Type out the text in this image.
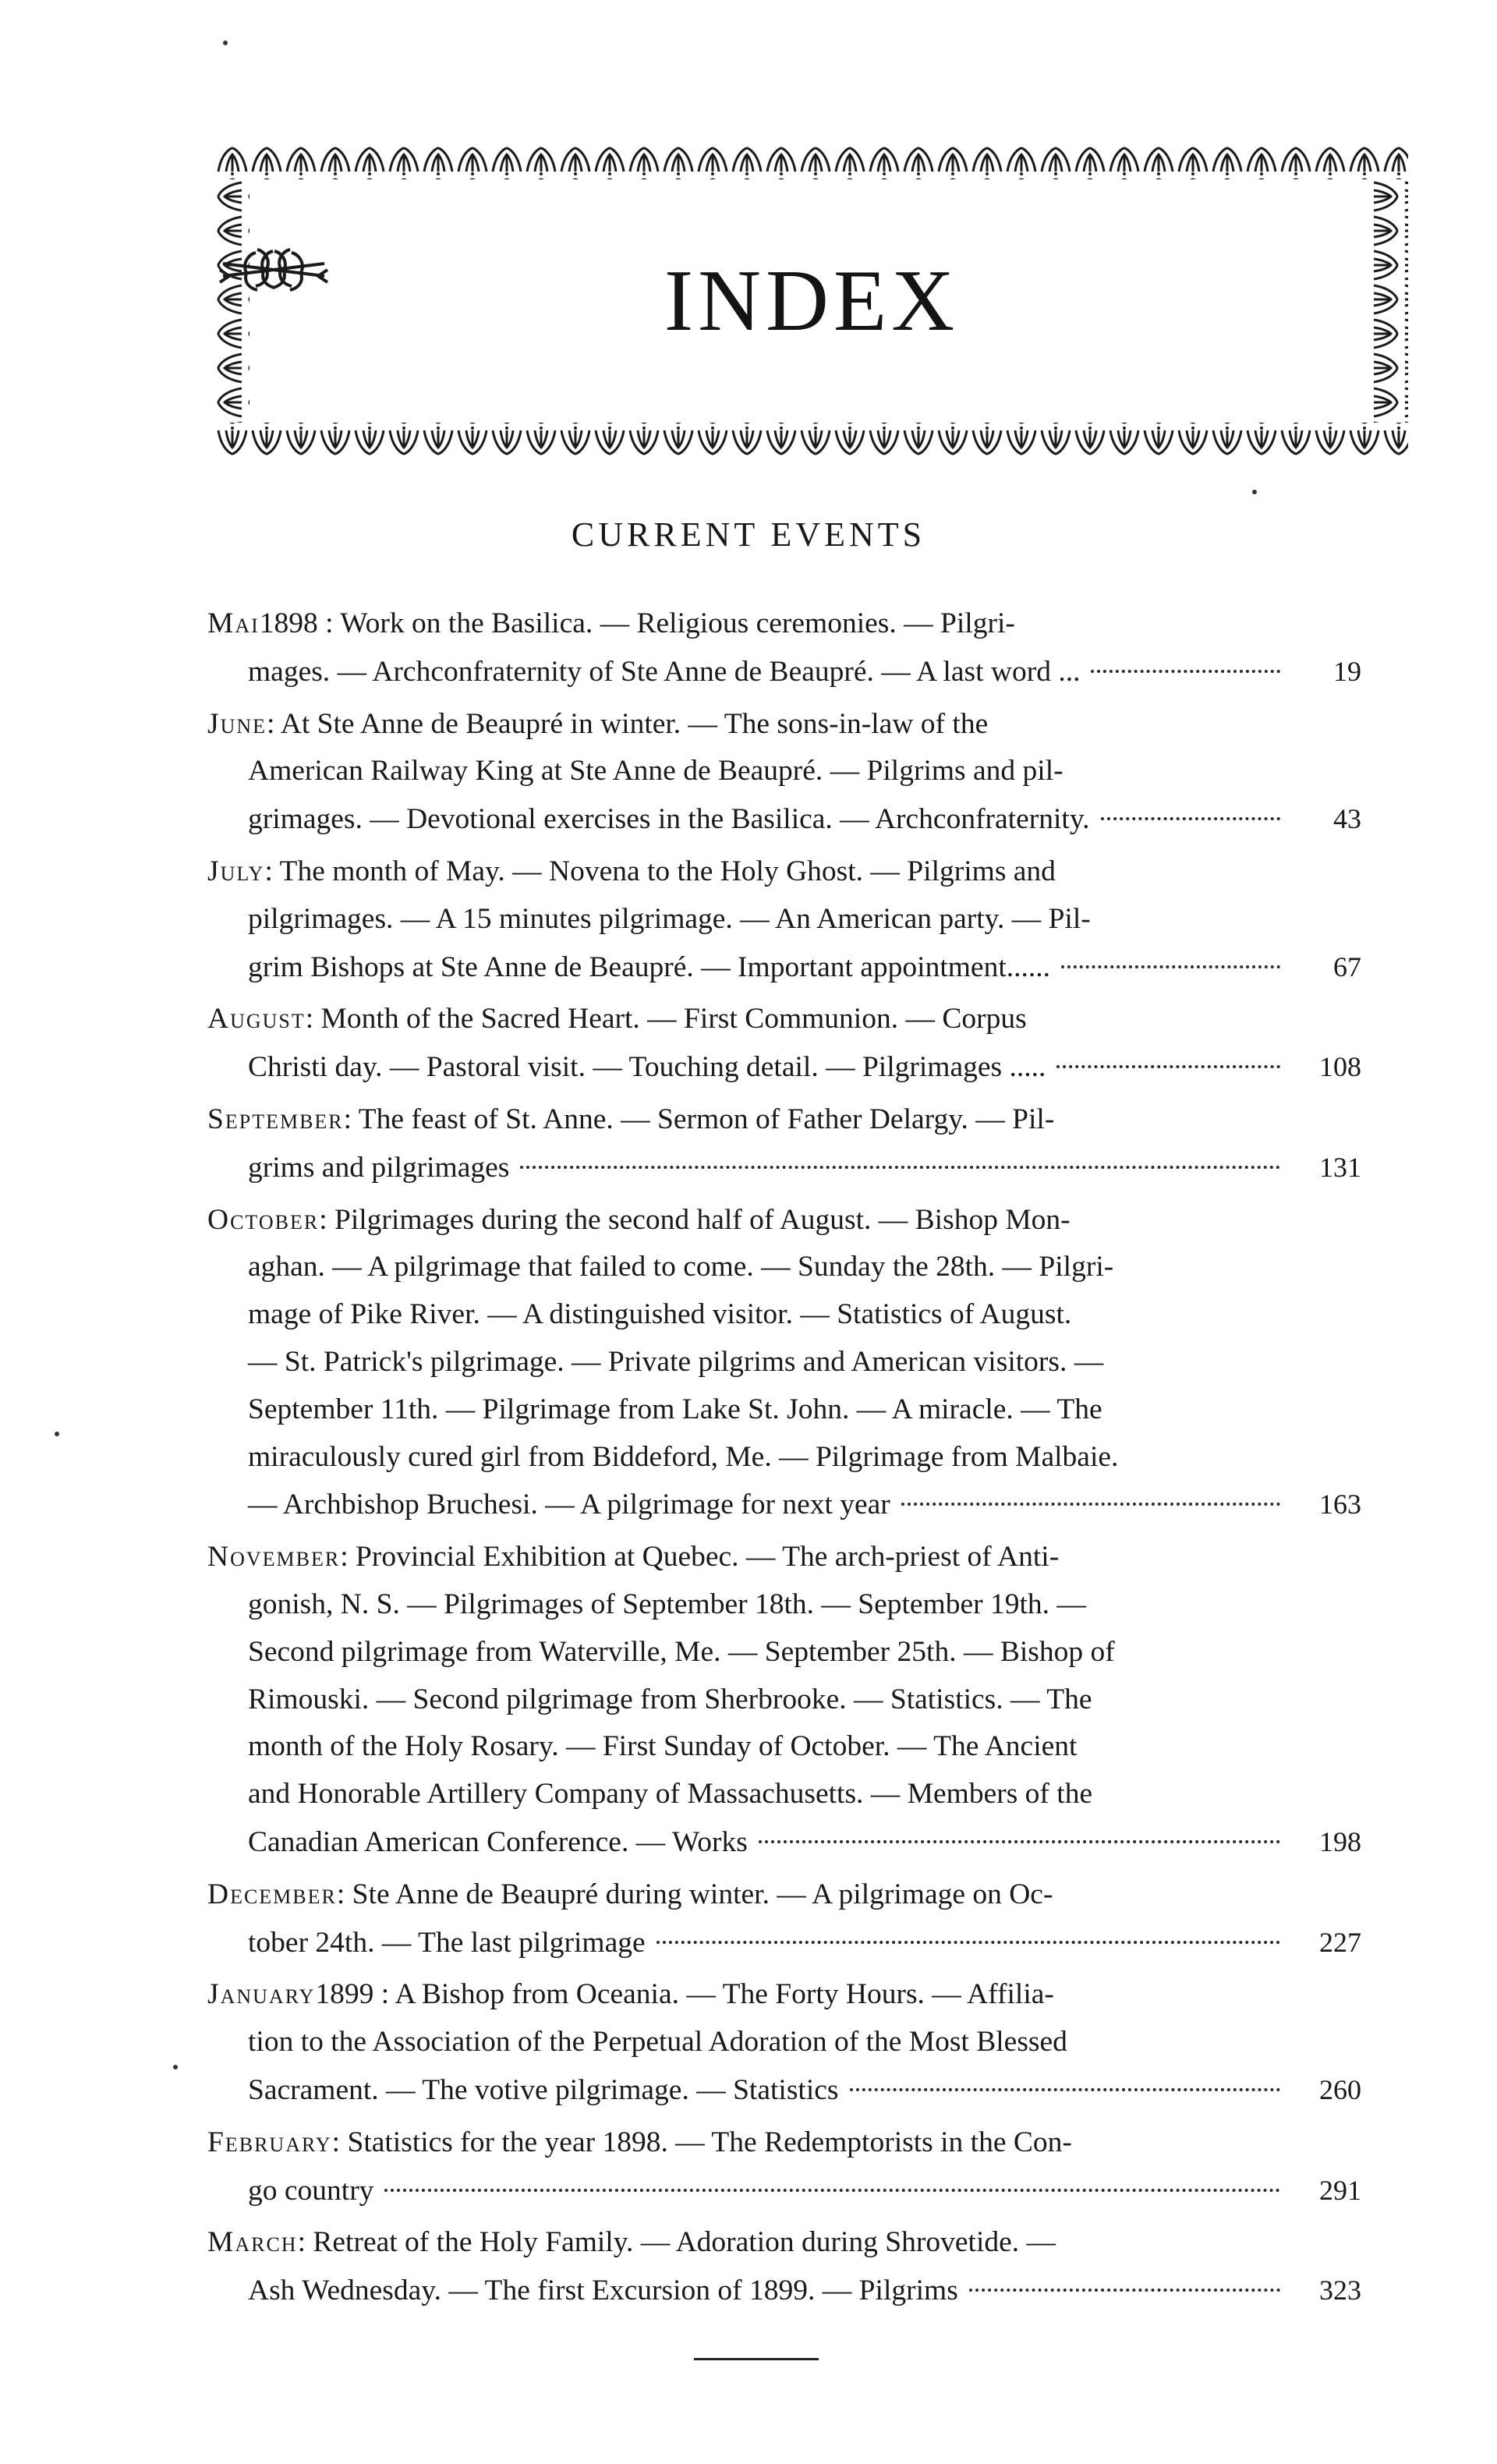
INDEX
CURRENT EVENTS
Mai 1898 : Work on the Basilica. — Religious ceremonies. — Pilgri-
mages. — Archconfraternity of Ste Anne de Beaupré. — A last word ...	19
June : At Ste Anne de Beaupré in winter. — The sons-in-law of the
American Railway King at Ste Anne de Beaupré. — Pilgrims and pil-
grimages. — Devotional exercises in the Basilica. — Archconfraternity.	43
July : The month of May. — Novena to the Holy Ghost. — Pilgrims and
pilgrimages. — A 15 minutes pilgrimage. — An American party. — Pil-
grim Bishops at Ste Anne de Beaupré. — Important appointment......	67
August : Month of the Sacred Heart. — First Communion. — Corpus
Christi day. — Pastoral visit. — Touching detail. — Pilgrimages .....	108
September : The feast of St. Anne. — Sermon of Father Delargy. — Pil-
grims and pilgrimages	131
October : Pilgrimages during the second half of August. — Bishop Mon-
aghan. — A pilgrimage that failed to come. — Sunday the 28th. — Pilgri-
mage of Pike River. — A distinguished visitor. — Statistics of August.
— St. Patrick's pilgrimage. — Private pilgrims and American visitors. —
September 11th. — Pilgrimage from Lake St. John. — A miracle. — The
miraculously cured girl from Biddeford, Me. — Pilgrimage from Malbaie.
— Archbishop Bruchesi. — A pilgrimage for next year	163
November : Provincial Exhibition at Quebec. — The arch-priest of Anti-
gonish, N. S. — Pilgrimages of September 18th. — September 19th. —
Second pilgrimage from Waterville, Me. — September 25th. — Bishop of
Rimouski. — Second pilgrimage from Sherbrooke. — Statistics. — The
month of the Holy Rosary. — First Sunday of October. — The Ancient
and Honorable Artillery Company of Massachusetts. — Members of the
Canadian American Conference. — Works	198
December : Ste Anne de Beaupré during winter. — A pilgrimage on Oc-
tober 24th. — The last pilgrimage	227
January 1899 : A Bishop from Oceania. — The Forty Hours. — Affilia-
tion to the Association of the Perpetual Adoration of the Most Blessed
Sacrament. — The votive pilgrimage. — Statistics	260
February : Statistics for the year 1898. — The Redemptorists in the Con-
go country	291
March : Retreat of the Holy Family. — Adoration during Shrovetide. —
Ash Wednesday. — The first Excursion of 1899. — Pilgrims	323
